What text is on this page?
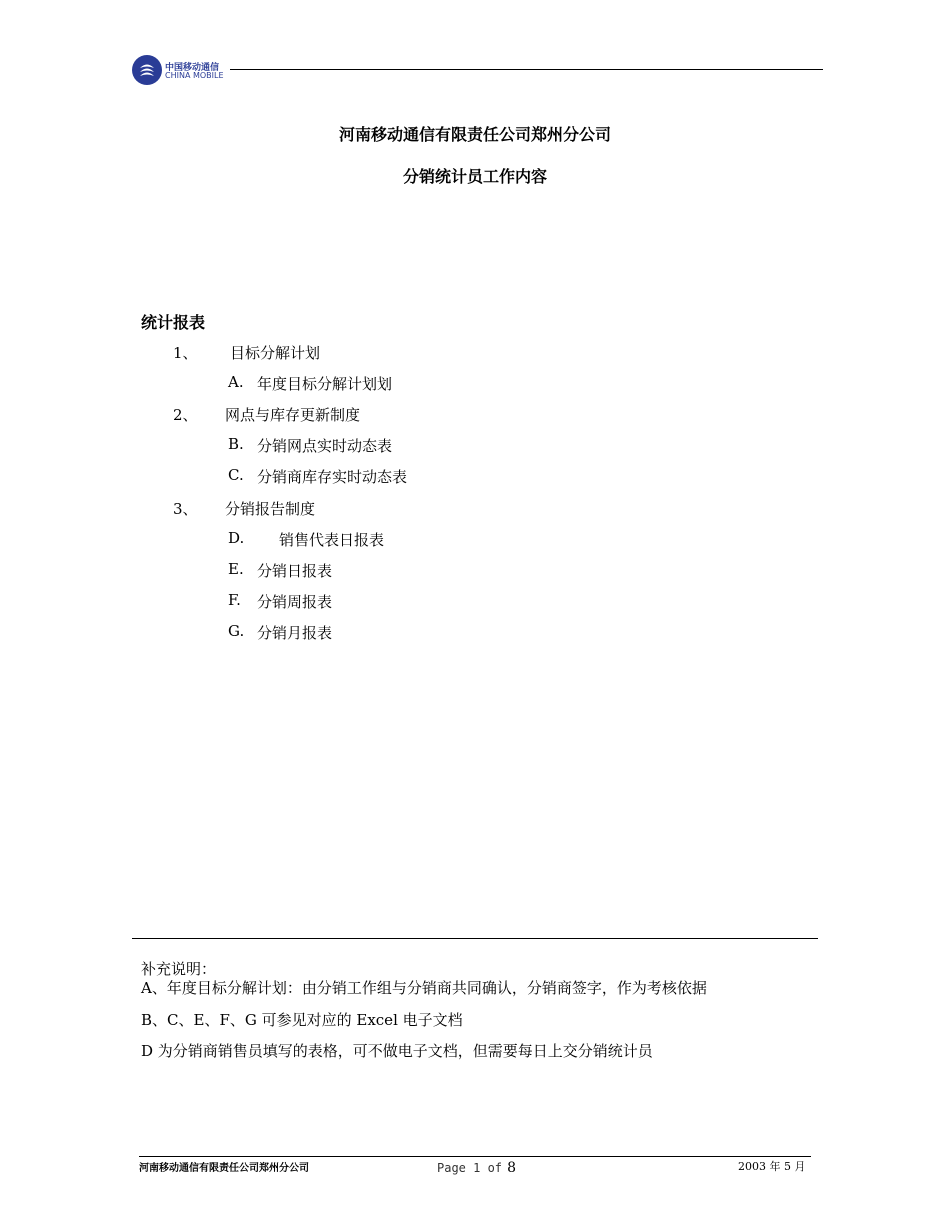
中国移动通信
CHINA MOBILE
河南移动通信有限责任公司郑州分公司
分销统计员工作内容
统计报表
1、 目标分解计划
A. 年度目标分解计划划
2、 网点与库存更新制度
B. 分销网点实时动态表
C. 分销商库存实时动态表
3、 分销报告制度
D. 销售代表日报表
E. 分销日报表
F. 分销周报表
G. 分销月报表
补充说明：
A、年度目标分解计划：由分销工作组与分销商共同确认，分销商签字，作为考核依据
B、C、E、F、G 可参见对应的 Excel 电子文档
D 为分销商销售员填写的表格，可不做电子文档，但需要每日上交分销统计员
河南移动通信有限责任公司郑州分公司	Page 1 of 8	2003 年 5 月
